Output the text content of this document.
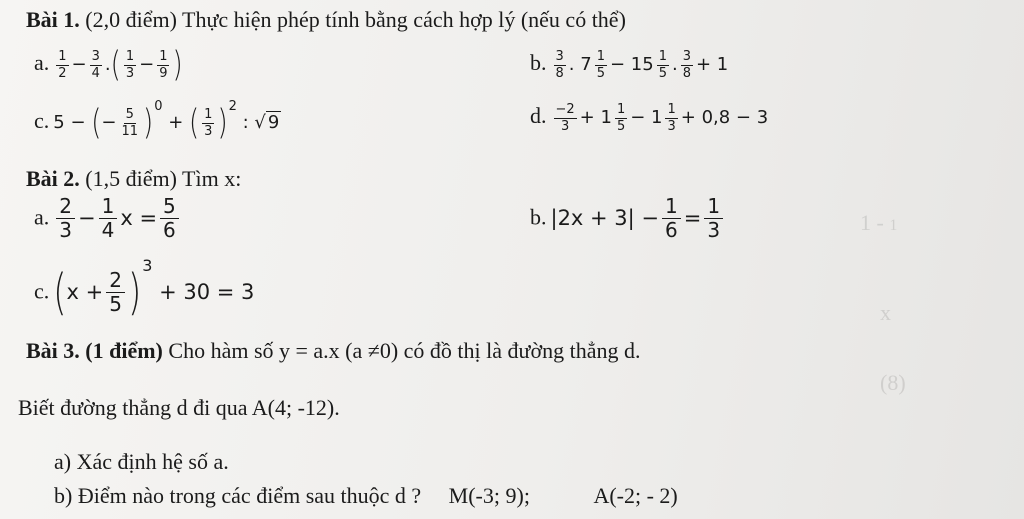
1 ‑ 1
x
(8)
Bài 1. (2,0 điểm) Thực hiện phép tính bằng cách hợp lý (nếu có thể)
a. $\frac{1}{2} - \frac{3}{4}$ .( $\frac{1}{3} - \frac{1}{9}$ )	b. $\frac{3}{8}$ . $7 \frac{1}{5} - 15 \frac{1}{5}$ . $\frac{3}{8} + 1$
c. 5 − (− $\frac{5}{11} )^0$ + ( $\frac{1}{3} )^2$ : √ 9	d. $\frac{-2}{3} + 1 \frac{1}{5} - 1 \frac{1}{3} + 0,8 - 3$
Bài 2. (1,5 điểm) Tìm x:
a. $\frac{2}{3} - \frac{1}{4}$ $x = \frac{5}{6}$	b. $|2x + 3| - \frac{1}{6} = \frac{1}{3}$
c. $(x + \frac{2}{5} )^3 + 30 = 3$
Bài 3. (1 điểm) Cho hàm số y = a.x (a ≠0) có đồ thị là đường thẳng d.
Biết đường thẳng d đi qua A(4; -12).
a) Xác định hệ số a.
b) Điểm nào trong các điểm sau thuộc d ? M(-3; 9);	A(-2; - 2)
